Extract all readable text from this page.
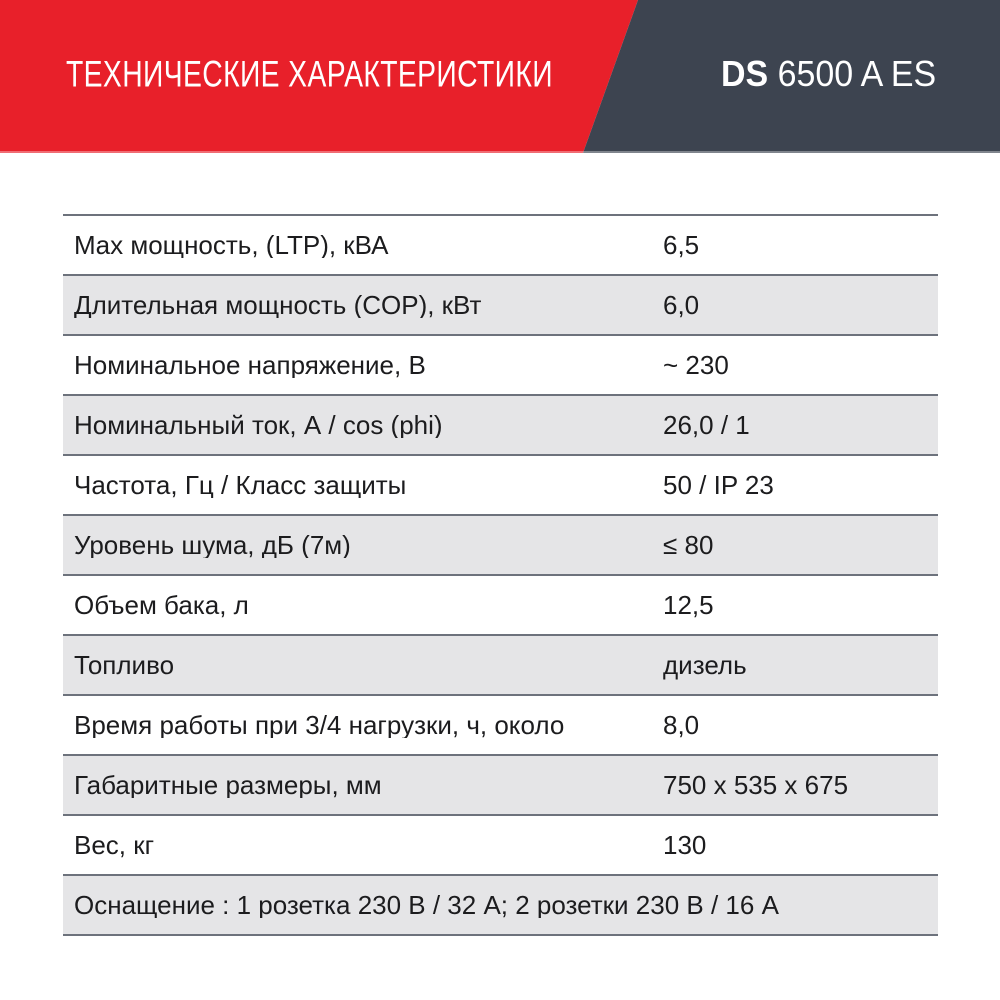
ТЕХНИЧЕСКИЕ ХАРАКТЕРИСТИКИ	DS 6500 A ES
Max мощность, (LTP), кВА	6,5
Длительная мощность (COP), кВт	6,0
Номинальное напряжение, В	~ 230
Номинальный ток, А / cos (phi)	26,0 / 1
Частота, Гц / Класс защиты	50 / IP 23
Уровень шума, дБ (7м)	≤ 80
Объем бака, л	12,5
Топливо	дизель
Время работы при 3/4 нагрузки, ч, около	8,0
Габаритные размеры, мм	750 х 535 х 675
Вес, кг	130
Оснащение : 1 розетка 230 В / 32 А; 2 розетки 230 В / 16 А
